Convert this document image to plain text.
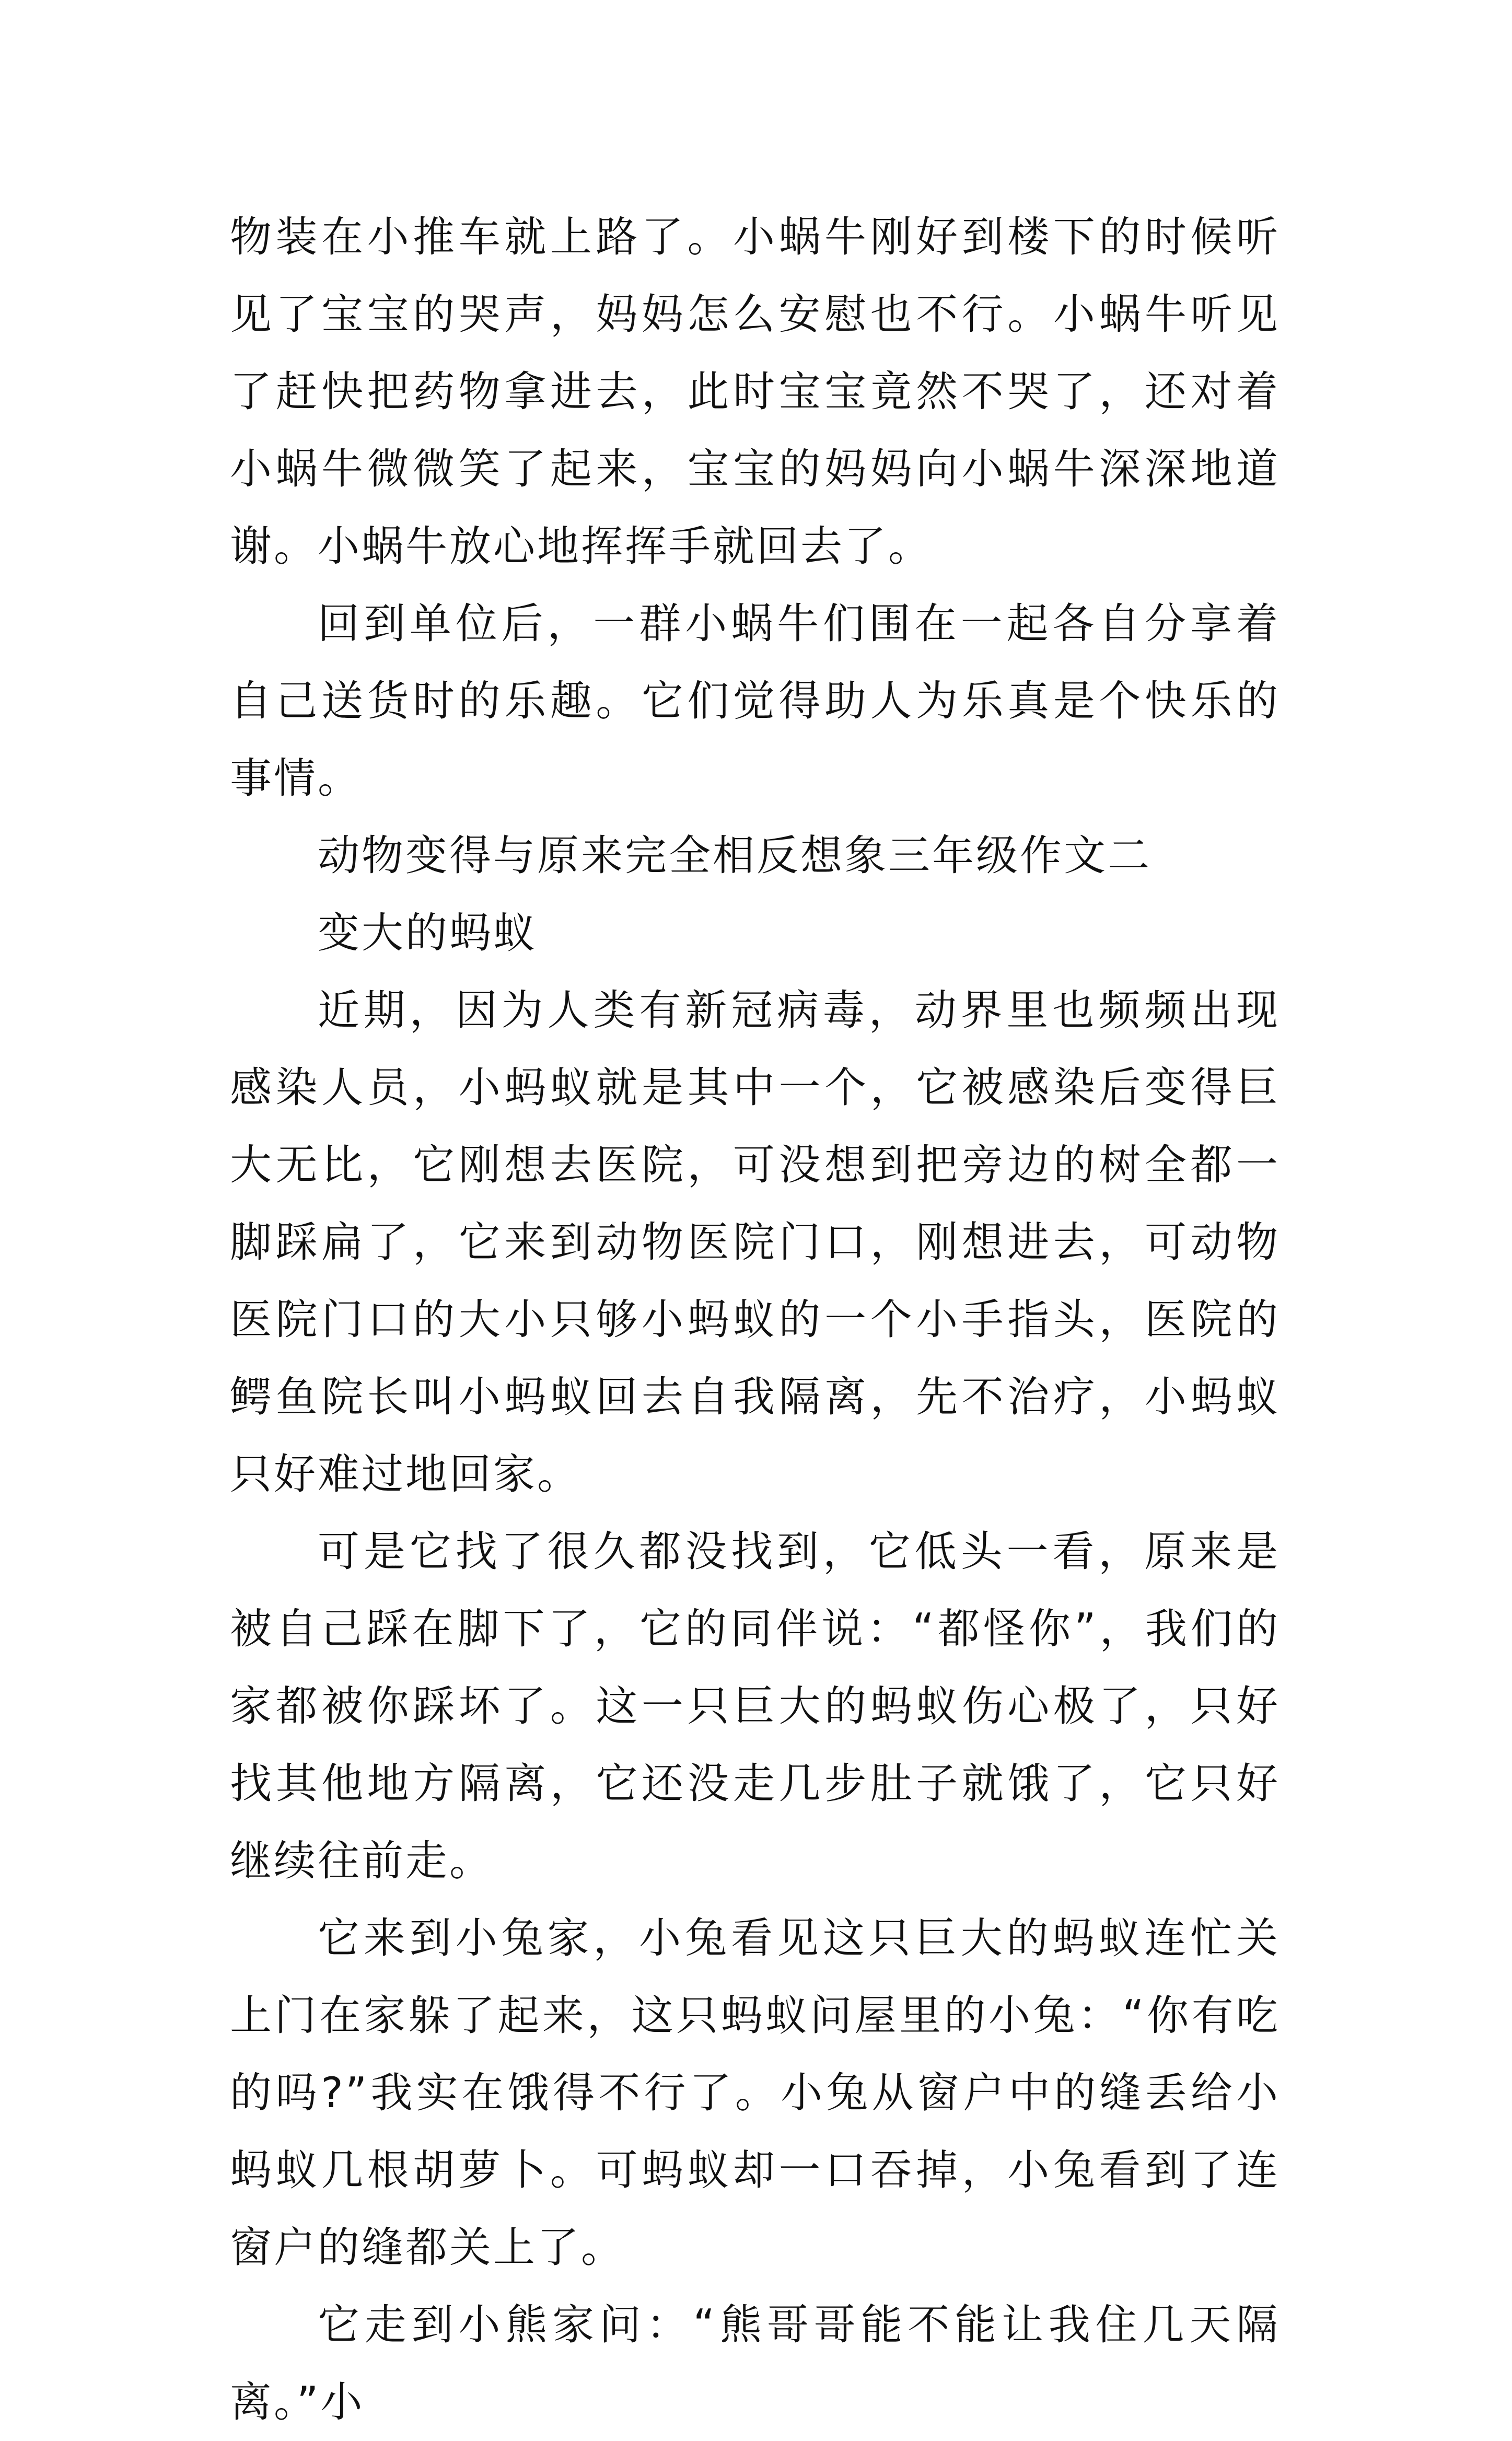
物装在小推车就上路了。小蜗牛刚好到楼下的时候听见了宝宝的哭声，妈妈怎么安慰也不行。小蜗牛听见了赶快把药物拿进去，此时宝宝竟然不哭了，还对着小蜗牛微微笑了起来，宝宝的妈妈向小蜗牛深深地道谢。小蜗牛放心地挥挥手就回去了。

回到单位后，一群小蜗牛们围在一起各自分享着自己送货时的乐趣。它们觉得助人为乐真是个快乐的事情。

动物变得与原来完全相反想象三年级作文二

变大的蚂蚁

近期，因为人类有新冠病毒，动界里也频频出现感染人员，小蚂蚁就是其中一个，它被感染后变得巨大无比，它刚想去医院，可没想到把旁边的树全都一脚踩扁了，它来到动物医院门口，刚想进去，可动物医院门口的大小只够小蚂蚁的一个小手指头，医院的鳄鱼院长叫小蚂蚁回去自我隔离，先不治疗，小蚂蚁只好难过地回家。

可是它找了很久都没找到，它低头一看，原来是被自己踩在脚下了，它的同伴说：“都怪你”，我们的家都被你踩坏了。这一只巨大的蚂蚁伤心极了，只好找其他地方隔离，它还没走几步肚子就饿了，它只好继续往前走。

它来到小兔家，小兔看见这只巨大的蚂蚁连忙关上门在家躲了起来，这只蚂蚁问屋里的小兔：“你有吃的吗?”我实在饿得不行了。小兔从窗户中的缝丢给小蚂蚁几根胡萝卜。可蚂蚁却一口吞掉，小兔看到了连窗户的缝都关上了。

它走到小熊家问：“熊哥哥能不能让我住几天隔离。”小
